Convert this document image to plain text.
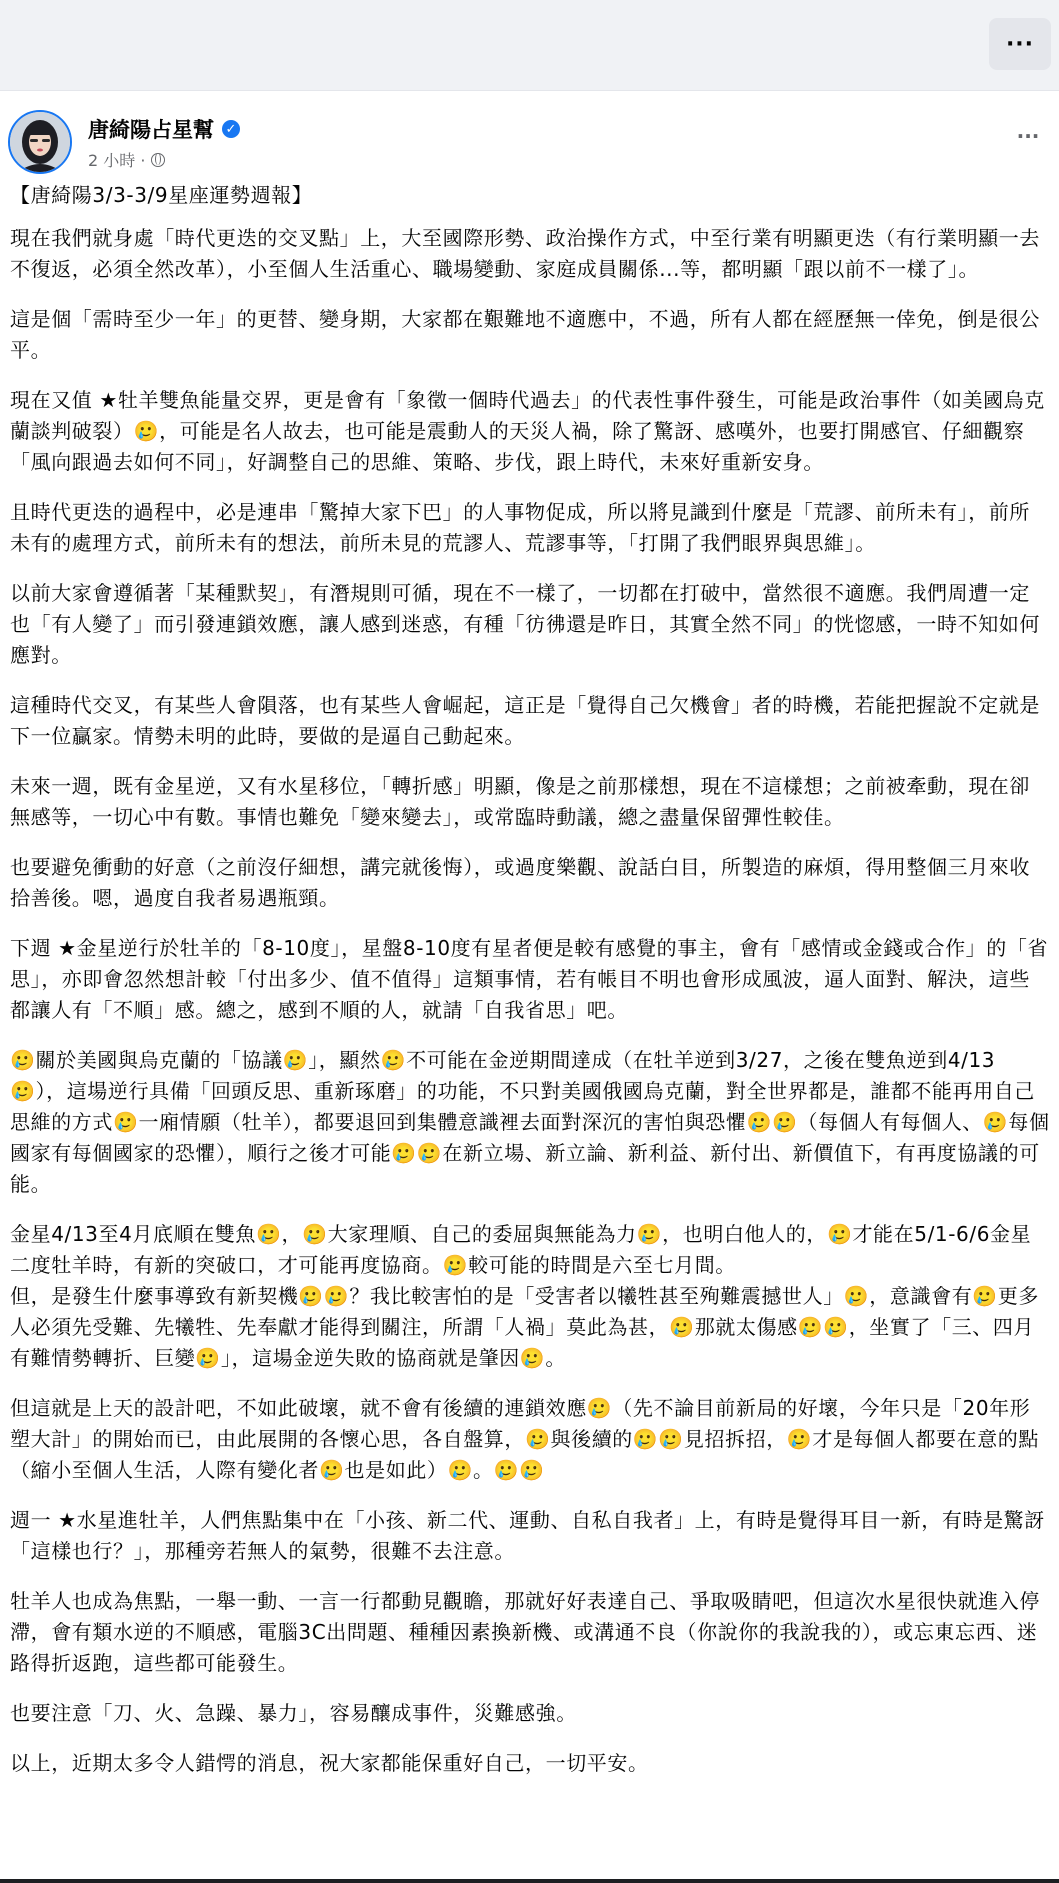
···
唐綺陽占星幫 ✓
2 小時 ·
···

【唐綺陽3/3-3/9星座運勢週報】

現在我們就身處「時代更迭的交叉點」上，大至國際形勢、政治操作方式，中至行業有明顯更迭（有行業明顯一去不復返，必須全然改革），小至個人生活重心、職場變動、家庭成員關係...等，都明顯「跟以前不一樣了」。

這是個「需時至少一年」的更替、變身期，大家都在艱難地不適應中，不過，所有人都在經歷無一倖免，倒是很公平。

現在又值 ★牡羊雙魚能量交界，更是會有「象徵一個時代過去」的代表性事件發生，可能是政治事件（如美國烏克蘭談判破裂）🥲，可能是名人故去，也可能是震動人的天災人禍，除了驚訝、感嘆外，也要打開感官、仔細觀察「風向跟過去如何不同」，好調整自己的思維、策略、步伐，跟上時代，未來好重新安身。

且時代更迭的過程中，必是連串「驚掉大家下巴」的人事物促成，所以將見識到什麼是「荒謬、前所未有」，前所未有的處理方式，前所未有的想法，前所未見的荒謬人、荒謬事等，「打開了我們眼界與思維」。

以前大家會遵循著「某種默契」，有潛規則可循，現在不一樣了，一切都在打破中，當然很不適應。我們周遭一定也「有人變了」而引發連鎖效應，讓人感到迷惑，有種「彷彿還是昨日，其實全然不同」的恍惚感，一時不知如何應對。

這種時代交叉，有某些人會隕落，也有某些人會崛起，這正是「覺得自己欠機會」者的時機，若能把握說不定就是下一位贏家。情勢未明的此時，要做的是逼自己動起來。

未來一週，既有金星逆，又有水星移位，「轉折感」明顯，像是之前那樣想，現在不這樣想；之前被牽動，現在卻無感等，一切心中有數。事情也難免「變來變去」，或常臨時動議，總之盡量保留彈性較佳。

也要避免衝動的好意（之前沒仔細想，講完就後悔），或過度樂觀、說話白目，所製造的麻煩，得用整個三月來收拾善後。嗯，過度自我者易遇瓶頸。

下週 ★金星逆行於牡羊的「8-10度」，星盤8-10度有星者便是較有感覺的事主，會有「感情或金錢或合作」的「省思」，亦即會忽然想計較「付出多少、值不值得」這類事情，若有帳目不明也會形成風波，逼人面對、解決，這些都讓人有「不順」感。總之，感到不順的人，就請「自我省思」吧。

🥲關於美國與烏克蘭的「協議🥲」，顯然🥲不可能在金逆期間達成（在牡羊逆到3/27，之後在雙魚逆到4/13🥲），這場逆行具備「回頭反思、重新琢磨」的功能，不只對美國俄國烏克蘭，對全世界都是，誰都不能再用自己思維的方式🥲一廂情願（牡羊），都要退回到集體意識裡去面對深沉的害怕與恐懼🥲🥲（每個人有每個人、🥲每個國家有每個國家的恐懼），順行之後才可能🥲🥲在新立場、新立論、新利益、新付出、新價值下，有再度協議的可能。

金星4/13至4月底順在雙魚🥲，🥲大家理順、自己的委屈與無能為力🥲，也明白他人的，🥲才能在5/1-6/6金星二度牡羊時，有新的突破口，才可能再度協商。🥲較可能的時間是六至七月間。

但，是發生什麼事導致有新契機🥲🥲？我比較害怕的是「受害者以犧牲甚至殉難震撼世人」🥲，意識會有🥲更多人必須先受難、先犧牲、先奉獻才能得到關注，所謂「人禍」莫此為甚，🥲那就太傷感🥲🥲，坐實了「三、四月有難情勢轉折、巨變🥲」，這場金逆失敗的協商就是肇因🥲。

但這就是上天的設計吧，不如此破壞，就不會有後續的連鎖效應🥲（先不論目前新局的好壞，今年只是「20年形塑大計」的開始而已，由此展開的各懷心思，各自盤算，🥲與後續的🥲🥲見招拆招，🥲才是每個人都要在意的點（縮小至個人生活，人際有變化者🥲也是如此）🥲。🥲🥲

週一 ★水星進牡羊，人們焦點集中在「小孩、新二代、運動、自私自我者」上，有時是覺得耳目一新，有時是驚訝「這樣也行？」，那種旁若無人的氣勢，很難不去注意。

牡羊人也成為焦點，一舉一動、一言一行都動見觀瞻，那就好好表達自己、爭取吸睛吧，但這次水星很快就進入停滯，會有類水逆的不順感，電腦3C出問題、種種因素換新機、或溝通不良（你說你的我說我的），或忘東忘西、迷路得折返跑，這些都可能發生。

也要注意「刀、火、急躁、暴力」，容易釀成事件，災難感強。

以上，近期太多令人錯愕的消息，祝大家都能保重好自己，一切平安。
